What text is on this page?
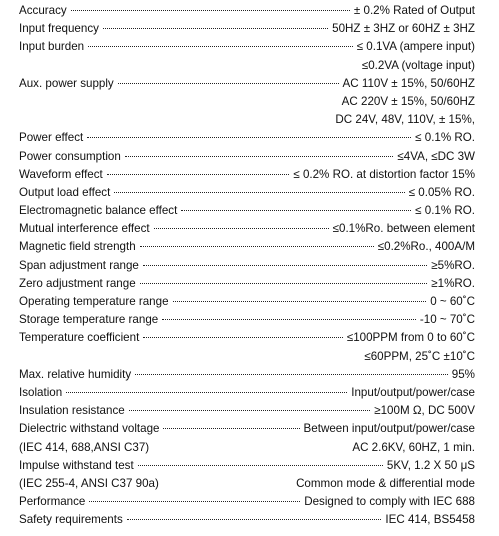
Accuracy	± 0.2% Rated of Output
Input frequency	50HZ ± 3HZ or 60HZ ± 3HZ
Input burden	≤ 0.1VA (ampere input)
≤0.2VA (voltage input)
Aux. power supply	AC 110V ± 15%, 50/60HZ
AC 220V ± 15%, 50/60HZ
DC 24V, 48V, 110V, ± 15%,
Power effect	≤ 0.1% RO.
Power consumption	≤4VA, ≤DC 3W
Waveform effect	≤ 0.2% RO. at distortion factor 15%
Output load effect	≤ 0.05% RO.
Electromagnetic balance effect	≤ 0.1% RO.
Mutual interference effect	≤0.1%Ro. between element
Magnetic field strength	≤0.2%Ro., 400A/M
Span adjustment range	≥5%RO.
Zero adjustment range	≥1%RO.
Operating temperature range	0 ~ 60˚C
Storage temperature range	-10 ~ 70˚C
Temperature coefficient	≤100PPM from 0 to 60˚C
≤60PPM, 25˚C ±10˚C
Max. relative humidity	95%
Isolation	Input/output/power/case
Insulation resistance	≥100M Ω, DC 500V
Dielectric withstand voltage	Between input/output/power/case
(IEC 414, 688,ANSI C37)	AC 2.6KV, 60HZ, 1 min.
Impulse withstand test	5KV, 1.2 X 50 μS
(IEC 255-4, ANSI C37 90a)	Common mode & differential mode
Performance	Designed to comply with IEC 688
Safety requirements	IEC 414, BS5458
